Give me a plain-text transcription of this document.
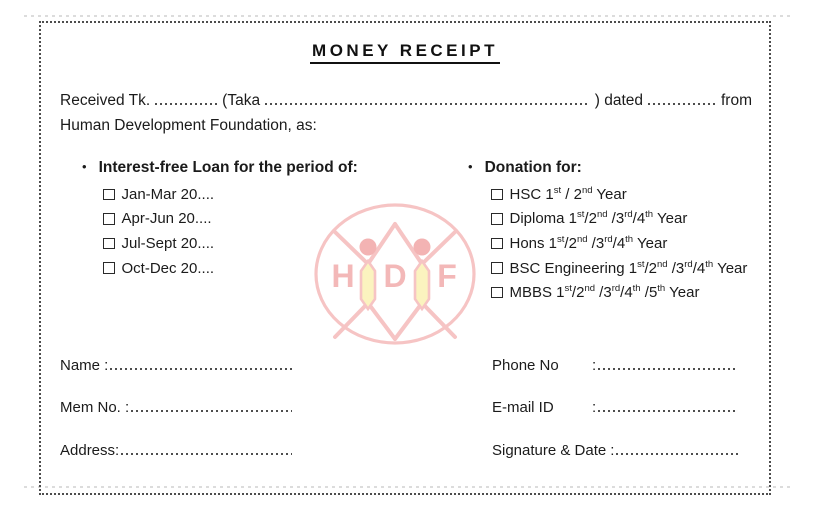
H D F
MONEY RECEIPT
Received Tk.	(Taka	) dated	from
Human Development Foundation, as:
• Interest-free Loan for the period of:
Jan-Mar 20....
Apr-Jun 20....
Jul-Sept 20....
Oct-Dec 20....
• Donation for:
HSC 1st / 2nd Year
Diploma 1st/2nd /3rd/4th Year
Hons 1st/2nd /3rd/4th Year
BSC Engineering 1st/2nd /3rd/4th Year
MBBS 1st/2nd /3rd/4th /5th Year
Name :
Mem No. :
Address:
Phone No	:
E-mail ID	:
Signature & Date :
